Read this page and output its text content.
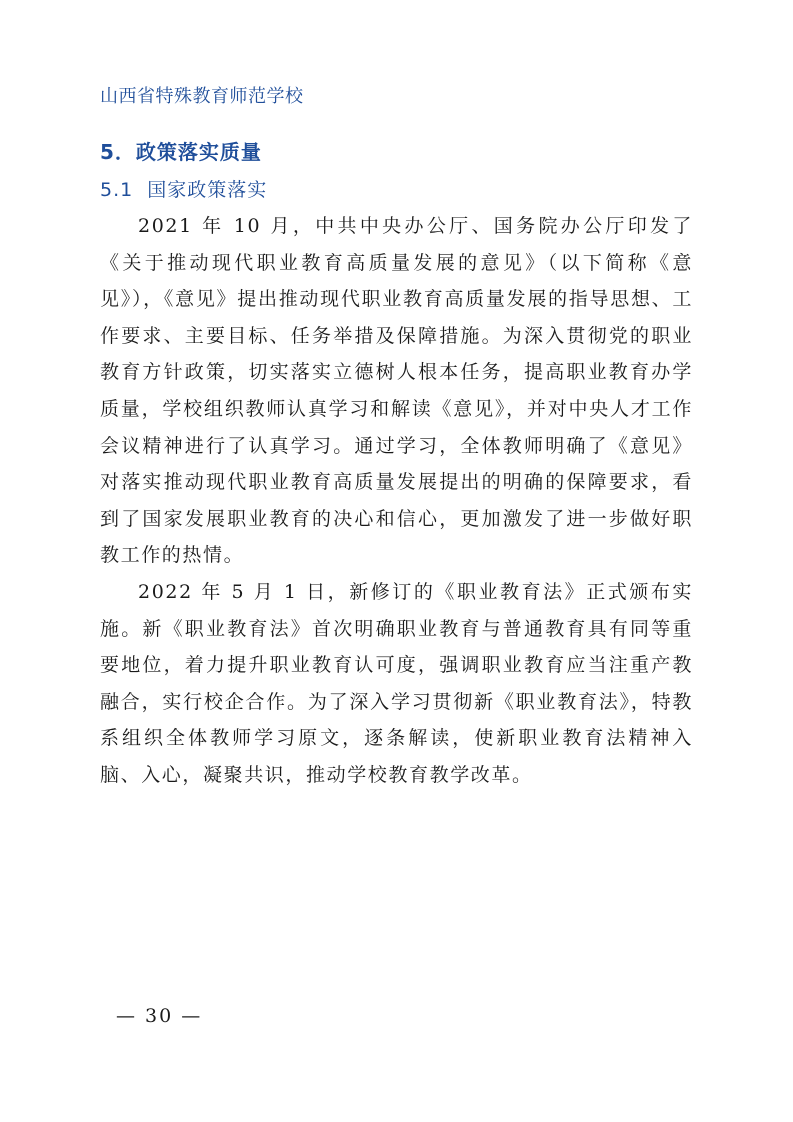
山西省特殊教育师范学校
5．政策落实质量
5.1 国家政策落实

2021 年 10 月，中共中央办公厅、国务院办公厅印发了《关于推动现代职业教育高质量发展的意见》（以下简称《意见》），《意见》提出推动现代职业教育高质量发展的指导思想、工作要求、主要目标、任务举措及保障措施。为深入贯彻党的职业教育方针政策，切实落实立德树人根本任务，提高职业教育办学质量，学校组织教师认真学习和解读《意见》，并对中央人才工作会议精神进行了认真学习。通过学习，全体教师明确了《意见》对落实推动现代职业教育高质量发展提出的明确的保障要求，看到了国家发展职业教育的决心和信心，更加激发了进一步做好职教工作的热情。

2022 年 5 月 1 日，新修订的《职业教育法》正式颁布实施。新《职业教育法》首次明确职业教育与普通教育具有同等重要地位，着力提升职业教育认可度，强调职业教育应当注重产教融合，实行校企合作。为了深入学习贯彻新《职业教育法》，特教系组织全体教师学习原文，逐条解读，使新职业教育法精神入脑、入心，凝聚共识，推动学校教育教学改革。

— 30 —
